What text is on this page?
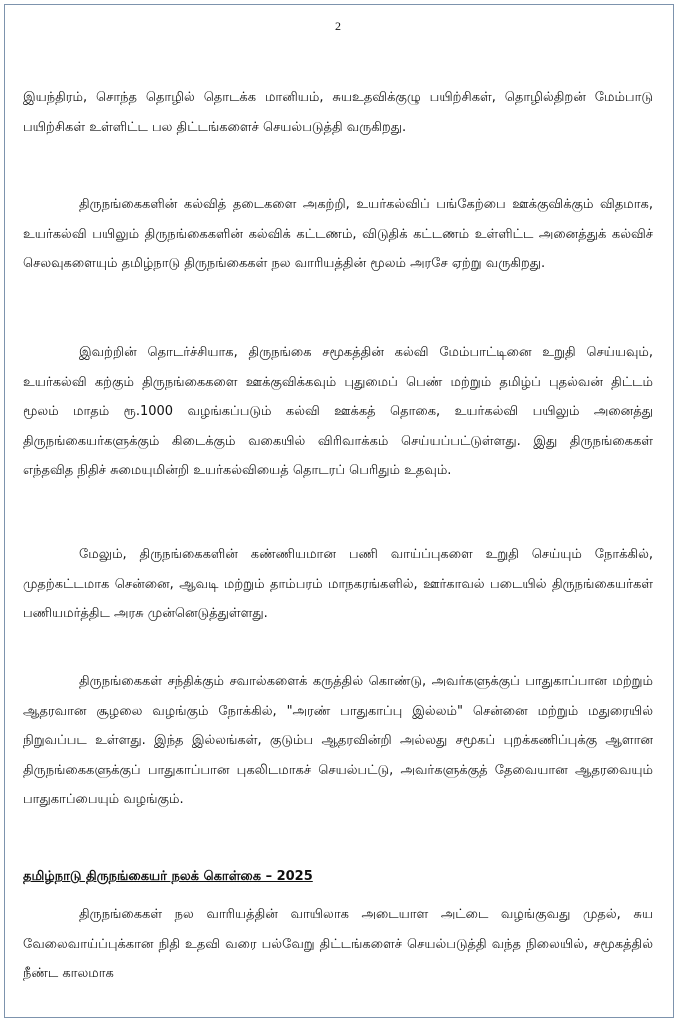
2

இயந்திரம், சொந்த தொழில் தொடக்க மானியம், சுயஉதவிக்குழு பயிற்சிகள், தொழில்திறன் மேம்பாடு பயிற்சிகள் உள்ளிட்ட பல திட்டங்களைச் செயல்படுத்தி வருகிறது.

திருநங்கைகளின் கல்வித் தடைகளை அகற்றி, உயர்கல்விப் பங்கேற்பை ஊக்குவிக்கும் விதமாக, உயர்கல்வி பயிலும் திருநங்கைகளின் கல்விக் கட்டணம், விடுதிக் கட்டணம் உள்ளிட்ட அனைத்துக் கல்விச் செலவுகளையும் தமிழ்நாடு திருநங்கைகள் நல வாரியத்தின் மூலம் அரசே ஏற்று வருகிறது.

இவற்றின் தொடர்ச்சியாக, திருநங்கை சமூகத்தின் கல்வி மேம்பாட்டினை உறுதி செய்யவும், உயர்கல்வி கற்கும் திருநங்கைகளை ஊக்குவிக்கவும் புதுமைப் பெண் மற்றும் தமிழ்ப் புதல்வன் திட்டம் மூலம் மாதம் ரூ.1000 வழங்கப்படும் கல்வி ஊக்கத் தொகை, உயர்கல்வி பயிலும் அனைத்து திருநங்கையர்களுக்கும் கிடைக்கும் வகையில் விரிவாக்கம் செய்யப்பட்டுள்ளது. இது திருநங்கைகள் எந்தவித நிதிச் சுமையுமின்றி உயர்கல்வியைத் தொடரப் பெரிதும் உதவும்.

மேலும், திருநங்கைகளின் கண்ணியமான பணி வாய்ப்புகளை உறுதி செய்யும் நோக்கில், முதற்கட்டமாக சென்னை, ஆவடி மற்றும் தாம்பரம் மாநகரங்களில், ஊர்காவல் படையில் திருநங்கையர்கள் பணியமர்த்திட அரசு முன்னெடுத்துள்ளது.

திருநங்கைகள் சந்திக்கும் சவால்களைக் கருத்தில் கொண்டு, அவர்களுக்குப் பாதுகாப்பான மற்றும் ஆதரவான சூழலை வழங்கும் நோக்கில், "அரண் பாதுகாப்பு இல்லம்" சென்னை மற்றும் மதுரையில் நிறுவப்பட உள்ளது. இந்த இல்லங்கள், குடும்ப ஆதரவின்றி அல்லது சமூகப் புறக்கணிப்புக்கு ஆளான திருநங்கைகளுக்குப் பாதுகாப்பான புகலிடமாகச் செயல்பட்டு, அவர்களுக்குத் தேவையான ஆதரவையும் பாதுகாப்பையும் வழங்கும்.

தமிழ்நாடு திருநங்கையர் நலக் கொள்கை – 2025

திருநங்கைகள் நல வாரியத்தின் வாயிலாக அடையாள அட்டை வழங்குவது முதல், சுய வேலைவாய்ப்புக்கான நிதி உதவி வரை பல்வேறு திட்டங்களைச் செயல்படுத்தி வந்த நிலையில், சமூகத்தில் நீண்ட காலமாக
